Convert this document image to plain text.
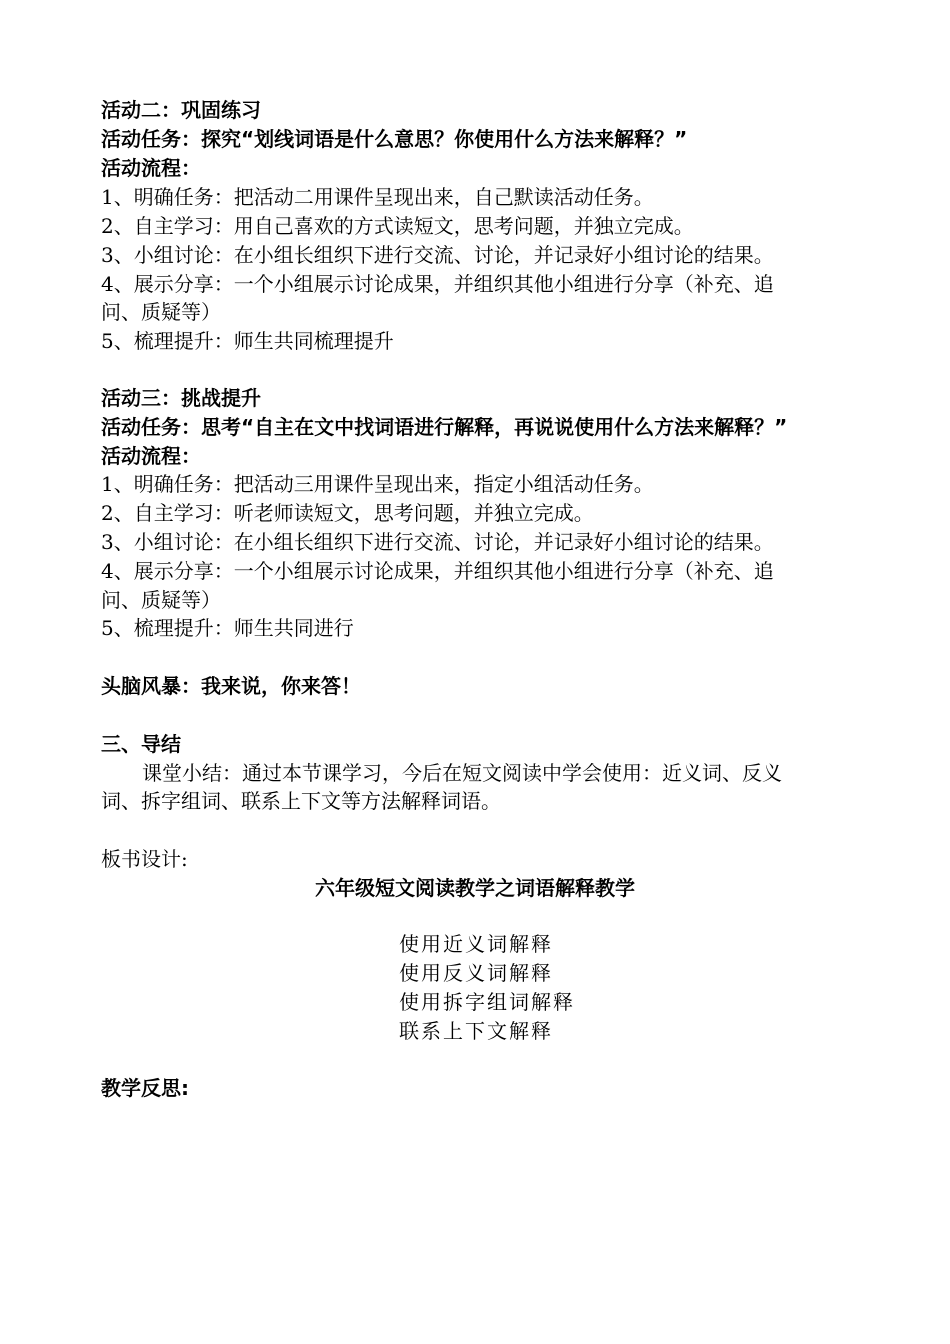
活动二：巩固练习
活动任务：探究“划线词语是什么意思？你使用什么方法来解释？”
活动流程：
1、明确任务：把活动二用课件呈现出来，自己默读活动任务。
2、自主学习：用自己喜欢的方式读短文，思考问题，并独立完成。
3、小组讨论：在小组长组织下进行交流、讨论，并记录好小组讨论的结果。
4、展示分享：一个小组展示讨论成果，并组织其他小组进行分享（补充、追
问、质疑等）
5、梳理提升：师生共同梳理提升
活动三：挑战提升
活动任务：思考“自主在文中找词语进行解释，再说说使用什么方法来解释？”
活动流程：
1、明确任务：把活动三用课件呈现出来，指定小组活动任务。
2、自主学习：听老师读短文，思考问题，并独立完成。
3、小组讨论：在小组长组织下进行交流、讨论，并记录好小组讨论的结果。
4、展示分享：一个小组展示讨论成果，并组织其他小组进行分享（补充、追
问、质疑等）
5、梳理提升：师生共同进行
头脑风暴：我来说，你来答！
三、导结
课堂小结：通过本节课学习，今后在短文阅读中学会使用：近义词、反义
词、拆字组词、联系上下文等方法解释词语。
板书设计:
六年级短文阅读教学之词语解释教学
使用近义词解释
使用反义词解释
使用拆字组词解释
联系上下文解释
教学反思:
